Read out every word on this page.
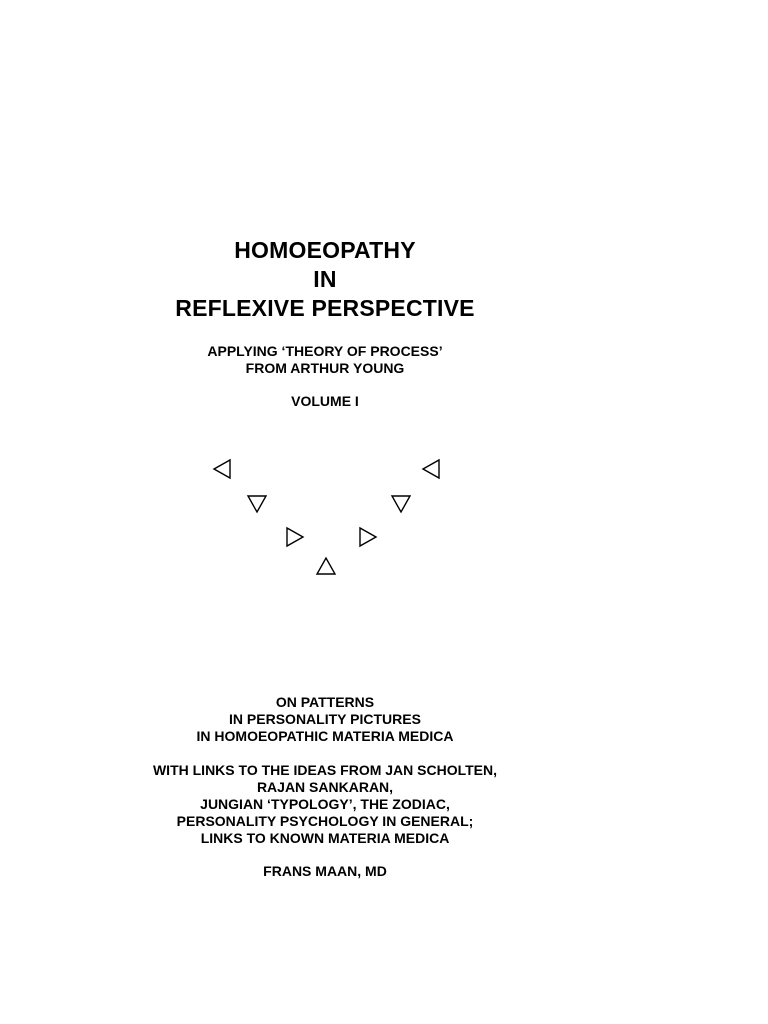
HOMOEOPATHY
IN
REFLEXIVE PERSPECTIVE
APPLYING ‘THEORY OF PROCESS’
FROM ARTHUR YOUNG
VOLUME I
ON PATTERNS
IN PERSONALITY PICTURES
IN HOMOEOPATHIC MATERIA MEDICA
WITH LINKS TO THE IDEAS FROM JAN SCHOLTEN,
RAJAN SANKARAN,
JUNGIAN ‘TYPOLOGY’, THE ZODIAC,
PERSONALITY PSYCHOLOGY IN GENERAL;
LINKS TO KNOWN MATERIA MEDICA
FRANS MAAN, MD
